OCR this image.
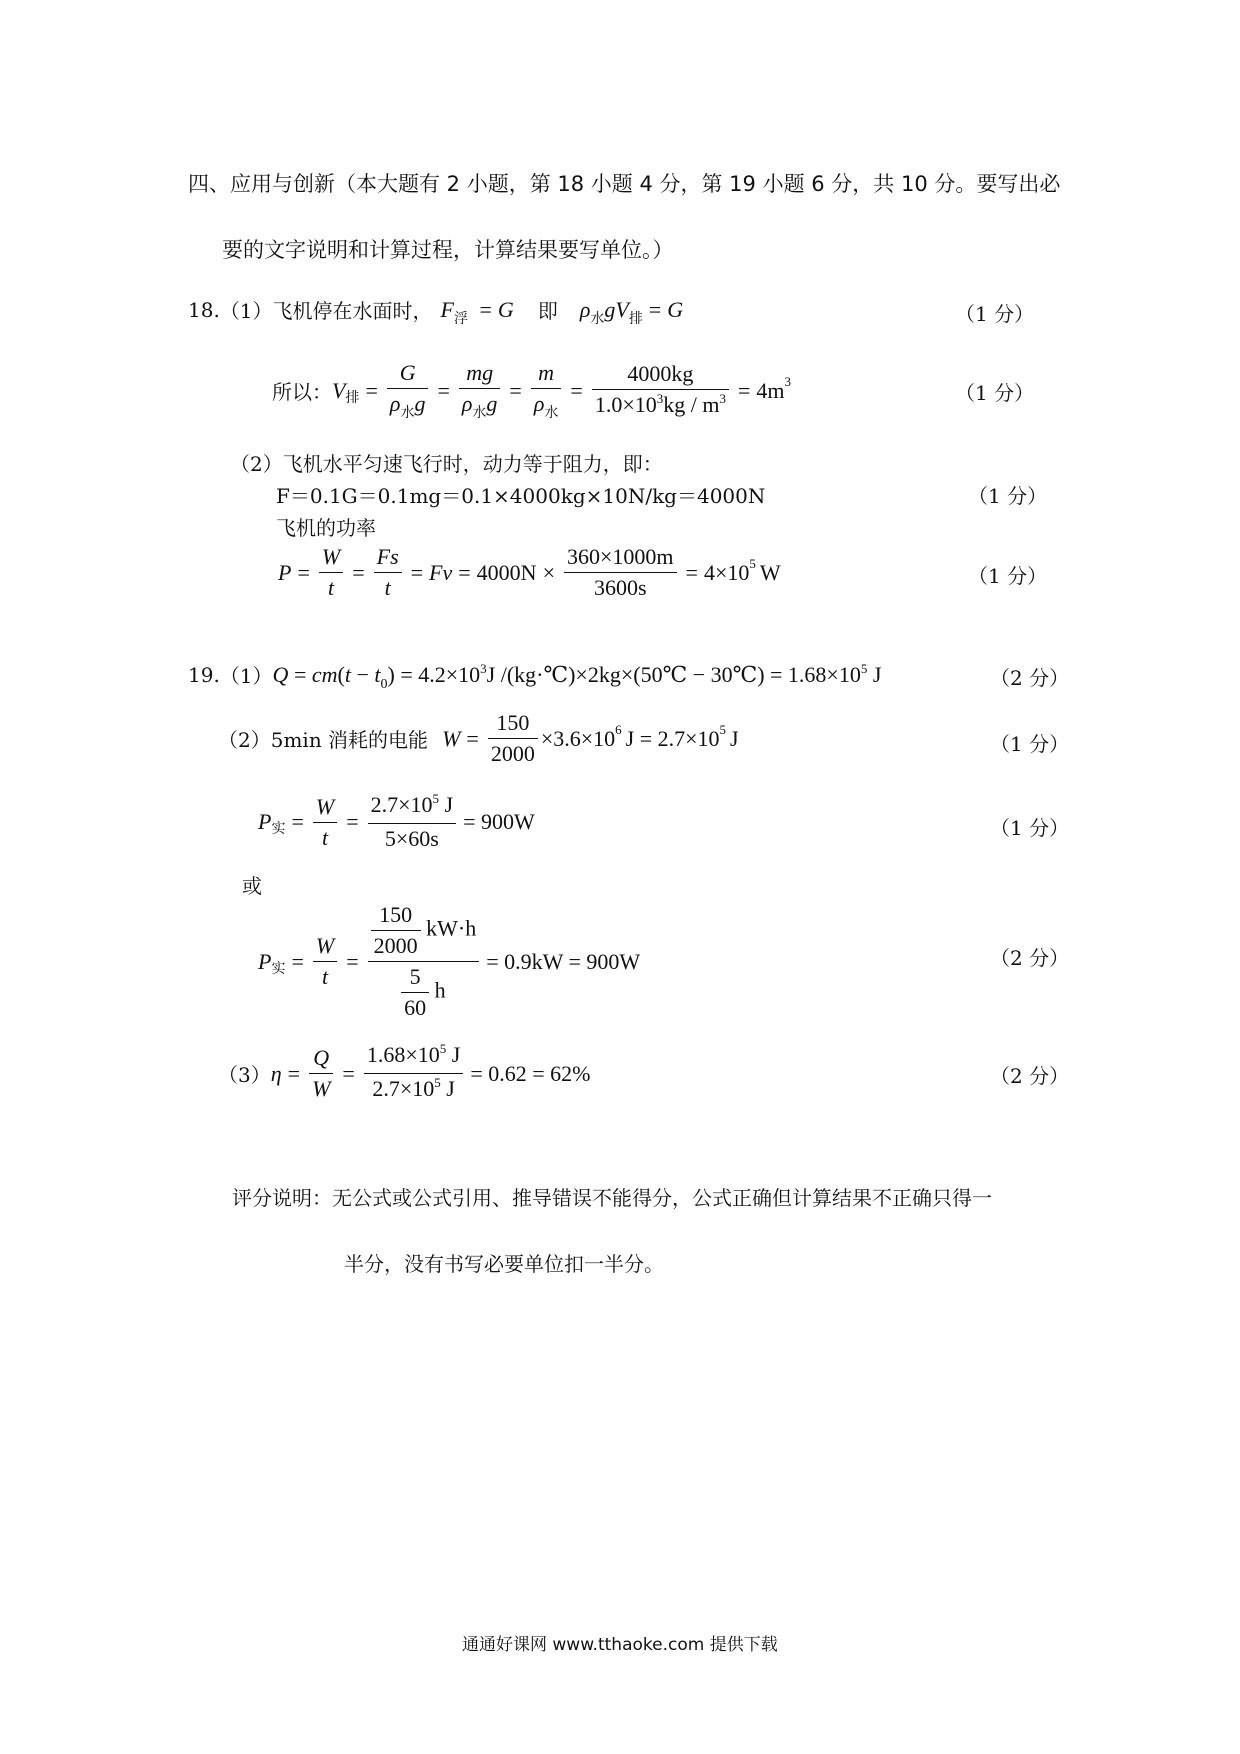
四、应用与创新（本大题有 2 小题，第 18 小题 4 分，第 19 小题 6 分，共 10 分。要写出必
要的文字说明和计算过程，计算结果要写单位。）
18. （1） 飞机停在水面时， $F_浮 = G$ 即 $\rho_水gV_排 = G$	（1 分）
所以： V 排 = $\frac{G}{\rho_水g} = \frac{mg}{\rho_水g} = \frac{m}{\rho_水} = \frac{4000kg}{1.0\times 10^3kg / m^3} = 4m$ 3	（1 分）
（2）飞机水平匀速飞行时，动力等于阻力，即：
F＝0.1G＝0.1mg＝0.1×4000kg×10N/kg＝4000N	（1 分）
飞机的功率
$P = \frac{W}{t} = \frac{Fs}{t} = Fv = 4000N \times \frac{360\times 1000m}{3600s} = 4\times 10$ 5 W	（1 分）
19. （1） $Q = cm(t - t_0) = 4.2\times 10^3J$ /(kg·℃)×2kg×(50℃ − 30℃) = $1.68\times 10^5$ J	（2 分）
（2） 5min 消耗的电能 $W = \frac{150}{2000} \times 3.6\times 10$ 6 J = 2.7×10 5 J	（1 分）
P 实 = $\frac{W}{t} = \frac{2.7\times 10^5 J}{5\times 60s} = 900W$	（1 分）
或
P 实 = $\frac{W}{t} = \frac{\frac{150}{2000} kW\cdot h}{\frac{5}{60} h} = 0.9kW = 900W$	（2 分）
（3） $\eta = \frac{Q}{W} = \frac{1.68\times 10^5 J}{2.7\times 10^5 J} = 0.62 = 62\%$	（2 分）
评分说明：无公式或公式引用、推导错误不能得分，公式正确但计算结果不正确只得一
半分，没有书写必要单位扣一半分。
通通好课网 www.tthaoke.com 提供下载
